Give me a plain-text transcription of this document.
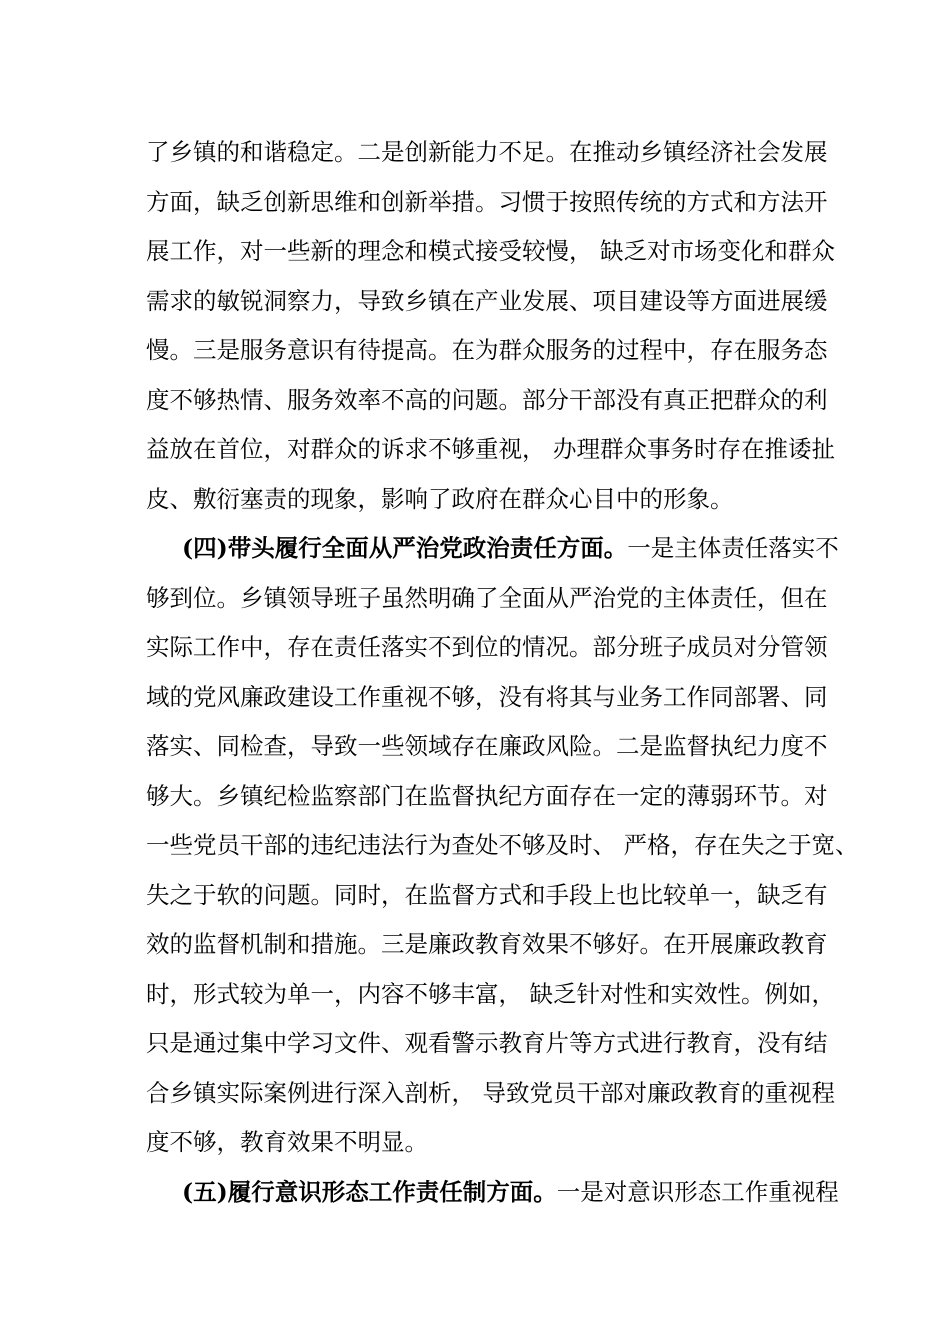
了乡镇的和谐稳定。二是创新能力不足。在推动乡镇经济社会发展
方面，缺乏创新思维和创新举措。习惯于按照传统的方式和方法开
展工作，对一些新的理念和模式接受较慢， 缺乏对市场变化和群众
需求的敏锐洞察力，导致乡镇在产业发展、项目建设等方面进展缓
慢。三是服务意识有待提高。在为群众服务的过程中，存在服务态
度不够热情、服务效率不高的问题。部分干部没有真正把群众的利
益放在首位，对群众的诉求不够重视， 办理群众事务时存在推诿扯
皮、敷衍塞责的现象，影响了政府在群众心目中的形象。
(四)带头履行全面从严治党政治责任方面。一是主体责任落实不
够到位。乡镇领导班子虽然明确了全面从严治党的主体责任，但在
实际工作中，存在责任落实不到位的情况。部分班子成员对分管领
域的党风廉政建设工作重视不够，没有将其与业务工作同部署、同
落实、同检查，导致一些领域存在廉政风险。二是监督执纪力度不
够大。乡镇纪检监察部门在监督执纪方面存在一定的薄弱环节。对
一些党员干部的违纪违法行为查处不够及时、 严格，存在失之于宽、
失之于软的问题。同时，在监督方式和手段上也比较单一，缺乏有
效的监督机制和措施。三是廉政教育效果不够好。在开展廉政教育
时，形式较为单一，内容不够丰富， 缺乏针对性和实效性。例如，
只是通过集中学习文件、观看警示教育片等方式进行教育，没有结
合乡镇实际案例进行深入剖析， 导致党员干部对廉政教育的重视程
度不够，教育效果不明显。
(五)履行意识形态工作责任制方面。一是对意识形态工作重视程
